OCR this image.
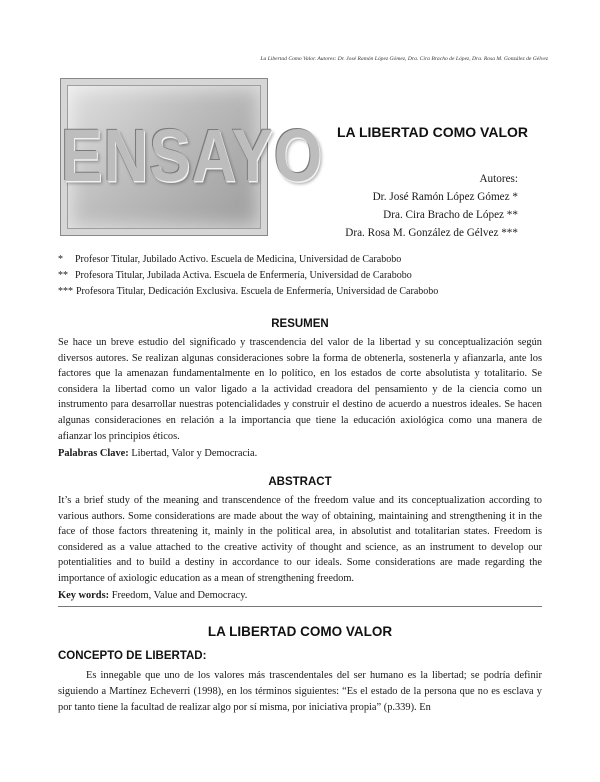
La Libertad Como Valor. Autores: Dr. José Ramón López Gómez, Dra. Cira Bracho de López, Dra. Rosa M. González de Gélvez
ENSAYO LA LIBERTAD COMO VALOR
Autores:
Dr. José Ramón López Gómez *
Dra. Cira Bracho de López **
Dra. Rosa M. González de Gélvez ***
* Profesor Titular, Jubilado Activo. Escuela de Medicina, Universidad de Carabobo
** Profesora Titular, Jubilada Activa. Escuela de Enfermería, Universidad de Carabobo
*** Profesora Titular, Dedicación Exclusiva. Escuela de Enfermería, Universidad de Carabobo
RESUMEN
Se hace un breve estudio del significado y trascendencia del valor de la libertad y su conceptualización según diversos autores. Se realizan algunas consideraciones sobre la forma de obtenerla, sostenerla y afianzarla, ante los factores que la amenazan fundamentalmente en lo político, en los estados de corte absolutista y totalitario. Se considera la libertad como un valor ligado a la actividad creadora del pensamiento y de la ciencia como un instrumento para desarrollar nuestras potencialidades y construir el destino de acuerdo a nuestros ideales. Se hacen algunas consideraciones en relación a la importancia que tiene la educación axiológica como una manera de afianzar los principios éticos.
Palabras Clave: Libertad, Valor y Democracia.
ABSTRACT
It’s a brief study of the meaning and transcendence of the freedom value and its conceptualization according to various authors. Some considerations are made about the way of obtaining, maintaining and strengthening it in the face of those factors threatening it, mainly in the political area, in absolutist and totalitarian states. Freedom is considered as a value attached to the creative activity of thought and science, as an instrument to develop our potentialities and to build a destiny in accordance to our ideals. Some considerations are made regarding the importance of axiologic education as a mean of strengthening freedom.
Key words: Freedom, Value and Democracy.
LA LIBERTAD COMO VALOR
CONCEPTO DE LIBERTAD:
Es innegable que uno de los valores más trascendentales del ser humano es la libertad; se podría definir siguiendo a Martínez Echeverri (1998), en los términos siguientes: “Es el estado de la persona que no es esclava y por tanto tiene la facultad de realizar algo por sí misma, por iniciativa propia” (p.339). En
